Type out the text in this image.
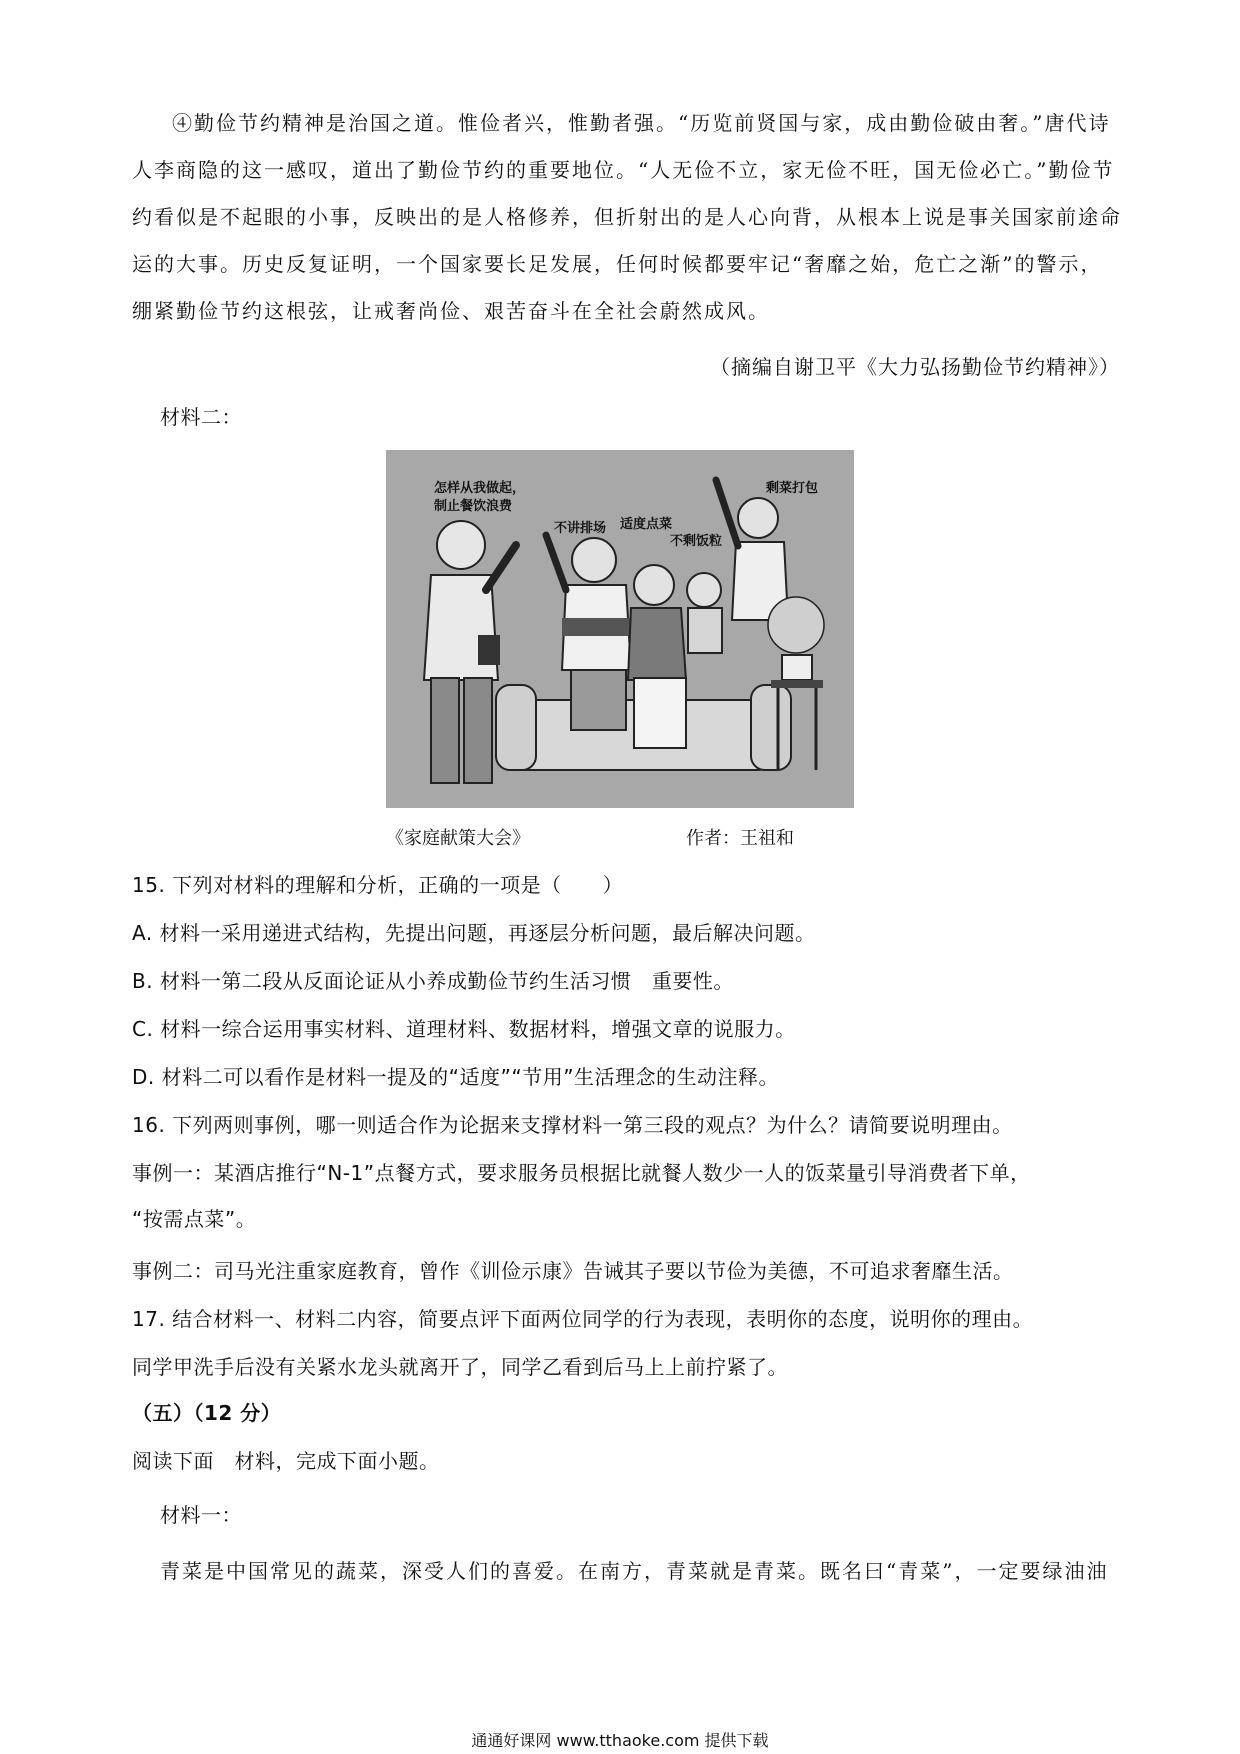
④勤俭节约精神是治国之道。惟俭者兴，惟勤者强。“历览前贤国与家，成由勤俭破由奢。”唐代诗人李商隐的这一感叹，道出了勤俭节约的重要地位。“人无俭不立，家无俭不旺，国无俭必亡。”勤俭节约看似是不起眼的小事，反映出的是人格修养，但折射出的是人心向背，从根本上说是事关国家前途命运的大事。历史反复证明，一个国家要长足发展，任何时候都要牢记“奢靡之始，危亡之渐”的警示，绷紧勤俭节约这根弦，让戒奢尚俭、艰苦奋斗在全社会蔚然成风。

（摘编自谢卫平《大力弘扬勤俭节约精神》）
材料二：
怎样从我做起，
制止餐饮浪费
不讲排场 适度点菜
不剩饭粒
剩菜打包
《家庭献策大会》	作者：王祖和
15. 下列对材料的理解和分析，正确的一项是（　　）
A. 材料一采用递进式结构，先提出问题，再逐层分析问题，最后解决问题。
B. 材料一第二段从反面论证从小养成勤俭节约生活习惯　重要性。
C. 材料一综合运用事实材料、道理材料、数据材料，增强文章的说服力。
D. 材料二可以看作是材料一提及的“适度”“节用”生活理念的生动注释。
16. 下列两则事例，哪一则适合作为论据来支撑材料一第三段的观点？为什么？请简要说明理由。
事例一：某酒店推行“N-1”点餐方式，要求服务员根据比就餐人数少一人的饭菜量引导消费者下单，
“按需点菜”。
事例二：司马光注重家庭教育，曾作《训俭示康》告诫其子要以节俭为美德，不可追求奢靡生活。
17. 结合材料一、材料二内容，简要点评下面两位同学的行为表现，表明你的态度，说明你的理由。
同学甲洗手后没有关紧水龙头就离开了，同学乙看到后马上上前拧紧了。
（五）（12 分）
阅读下面　材料，完成下面小题。
材料一：
青菜是中国常见的蔬菜，深受人们的喜爱。在南方，青菜就是青菜。既名曰“青菜”，一定要绿油油
通通好课网 www.tthaoke.com 提供下载
